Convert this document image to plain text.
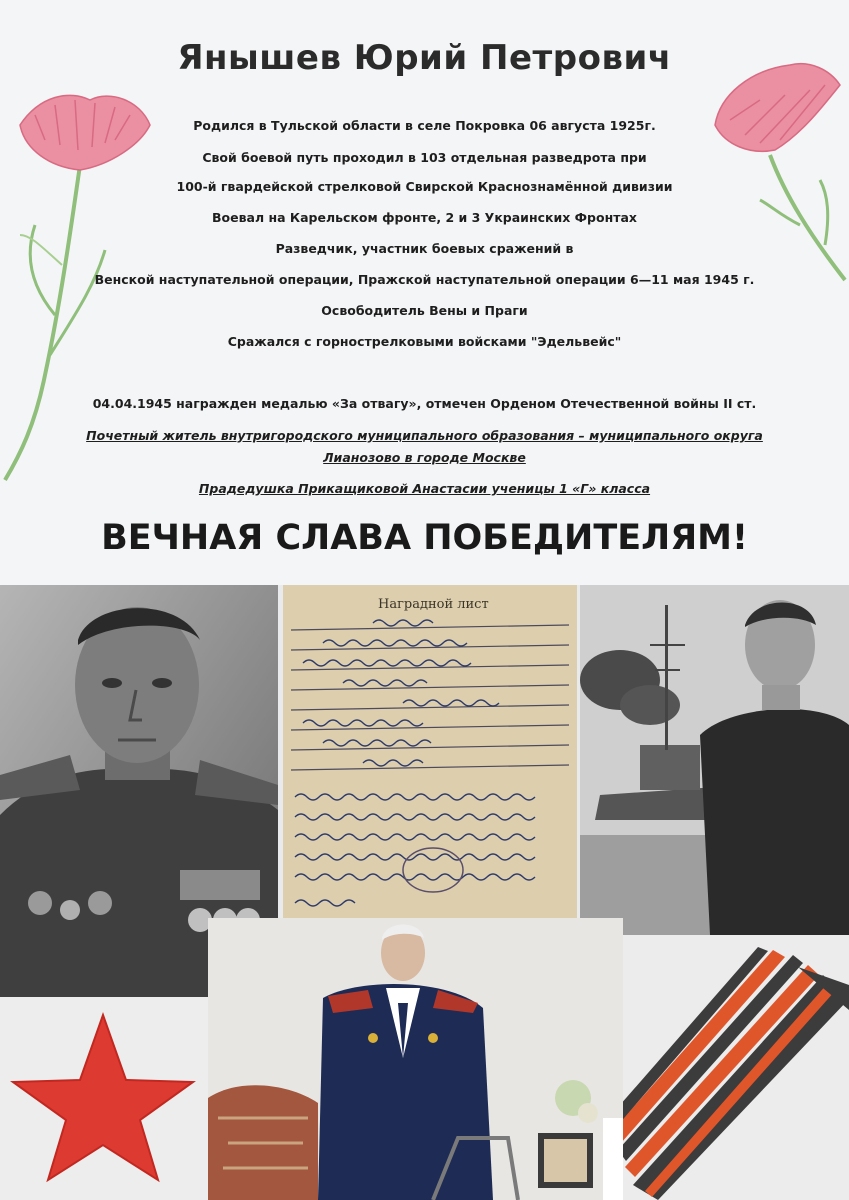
Янышев Юрий Петрович

Родился в Тульской области в селе Покровка 06 августа 1925г.

Свой боевой путь проходил в 103 отдельная разведрота при

100-й гвардейской стрелковой Свирской Краснознамённой дивизии

Воевал на Карельском фронте, 2 и 3 Украинских Фронтах

Разведчик, участник боевых сражений в

Венской наступательной операции, Пражской наступательной операции 6—11 мая 1945 г.

Освободитель Вены и Праги

Сражался с горнострелковыми войсками "Эдельвейс"

04.04.1945 награжден медалью «За отвагу», отмечен Орденом Отечественной войны II ст.

Почетный житель внутригородского муниципального образования – муниципального округа

Лианозово в городе Москве

Прадедушка Прикащиковой Анастасии ученицы 1 «Г» класса

ВЕЧНАЯ СЛАВА ПОБЕДИТЕЛЯМ!
Наградной лист
